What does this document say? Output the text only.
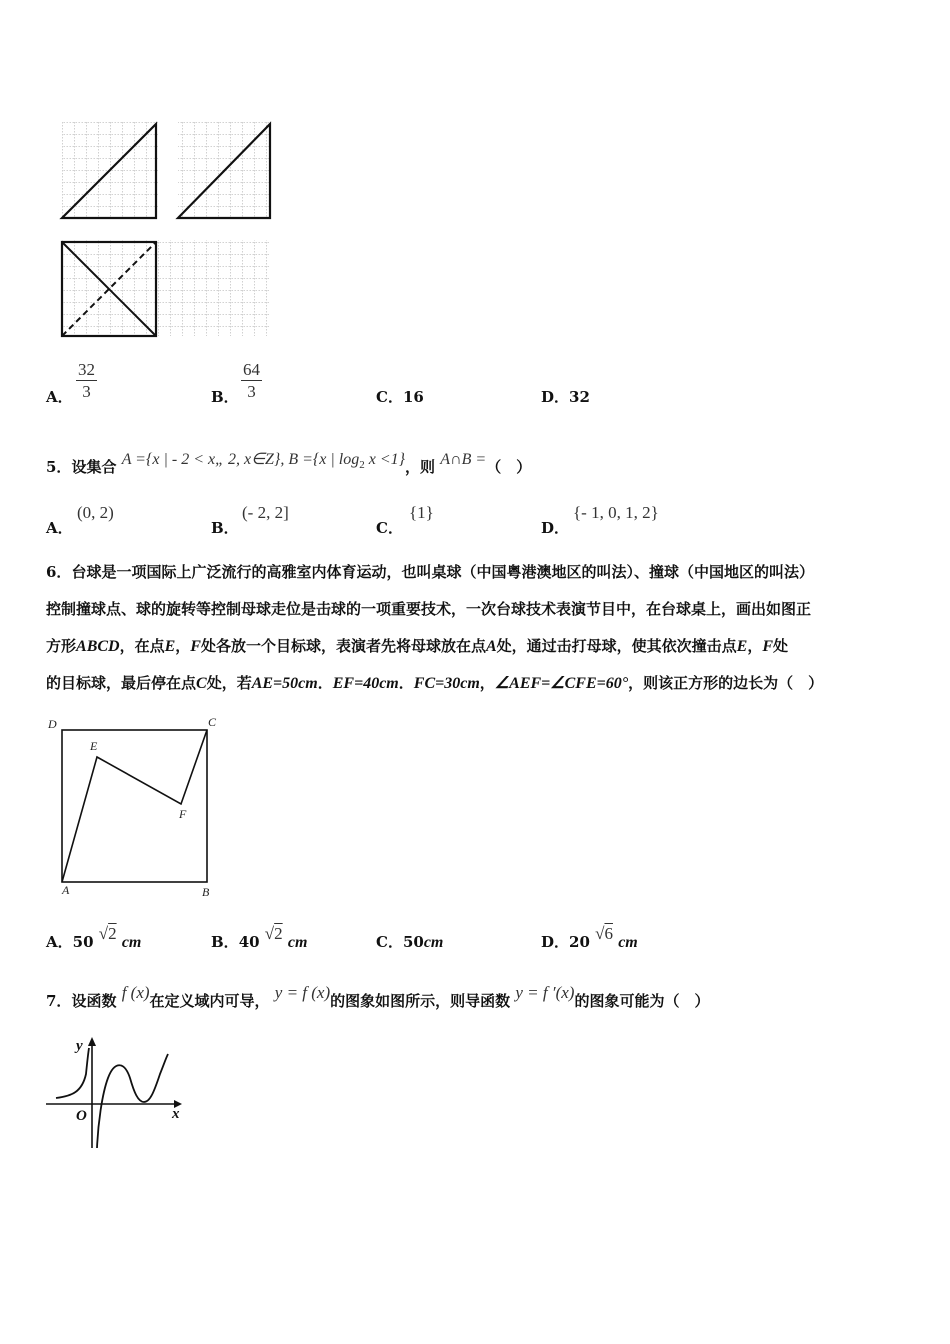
A． $\frac{32}{3}$	B． $\frac{64}{3}$	C．16	D．32
5．设集合 A ={x | - 2 < x„ 2, x∈Z}, B ={x | $\log_2 x <1$}，则 A∩B =（　）
A．
(0, 2)
B．
(- 2, 2]
C．
{1}
D．
{- 1, 0, 1, 2}
6．台球是一项国际上广泛流行的高雅室内体育运动，也叫桌球（中国粤港澳地区的叫法）、撞球（中国地区的叫法）
控制撞球点、球的旋转等控制母球走位是击球的一项重要技术，一次台球技术表演节目中，在台球桌上，画出如图正
方形ABCD，在点E，F处各放一个目标球，表演者先将母球放在点A处，通过击打母球，使其依次撞击点E，F处
的目标球，最后停在点C处，若AE=50cm．EF=40cm．FC=30cm，∠AEF=∠CFE=60°，则该正方形的边长为（　）
D	C
E
F
A	B
A．50 √2 cm	B．40 √2 cm	C．50cm	D．20 √6 cm
7．设函数 f (x)在定义域内可导， y = f (x)的图象如图所示，则导函数 y = f ′(x)的图象可能为（　）
y
x
O
